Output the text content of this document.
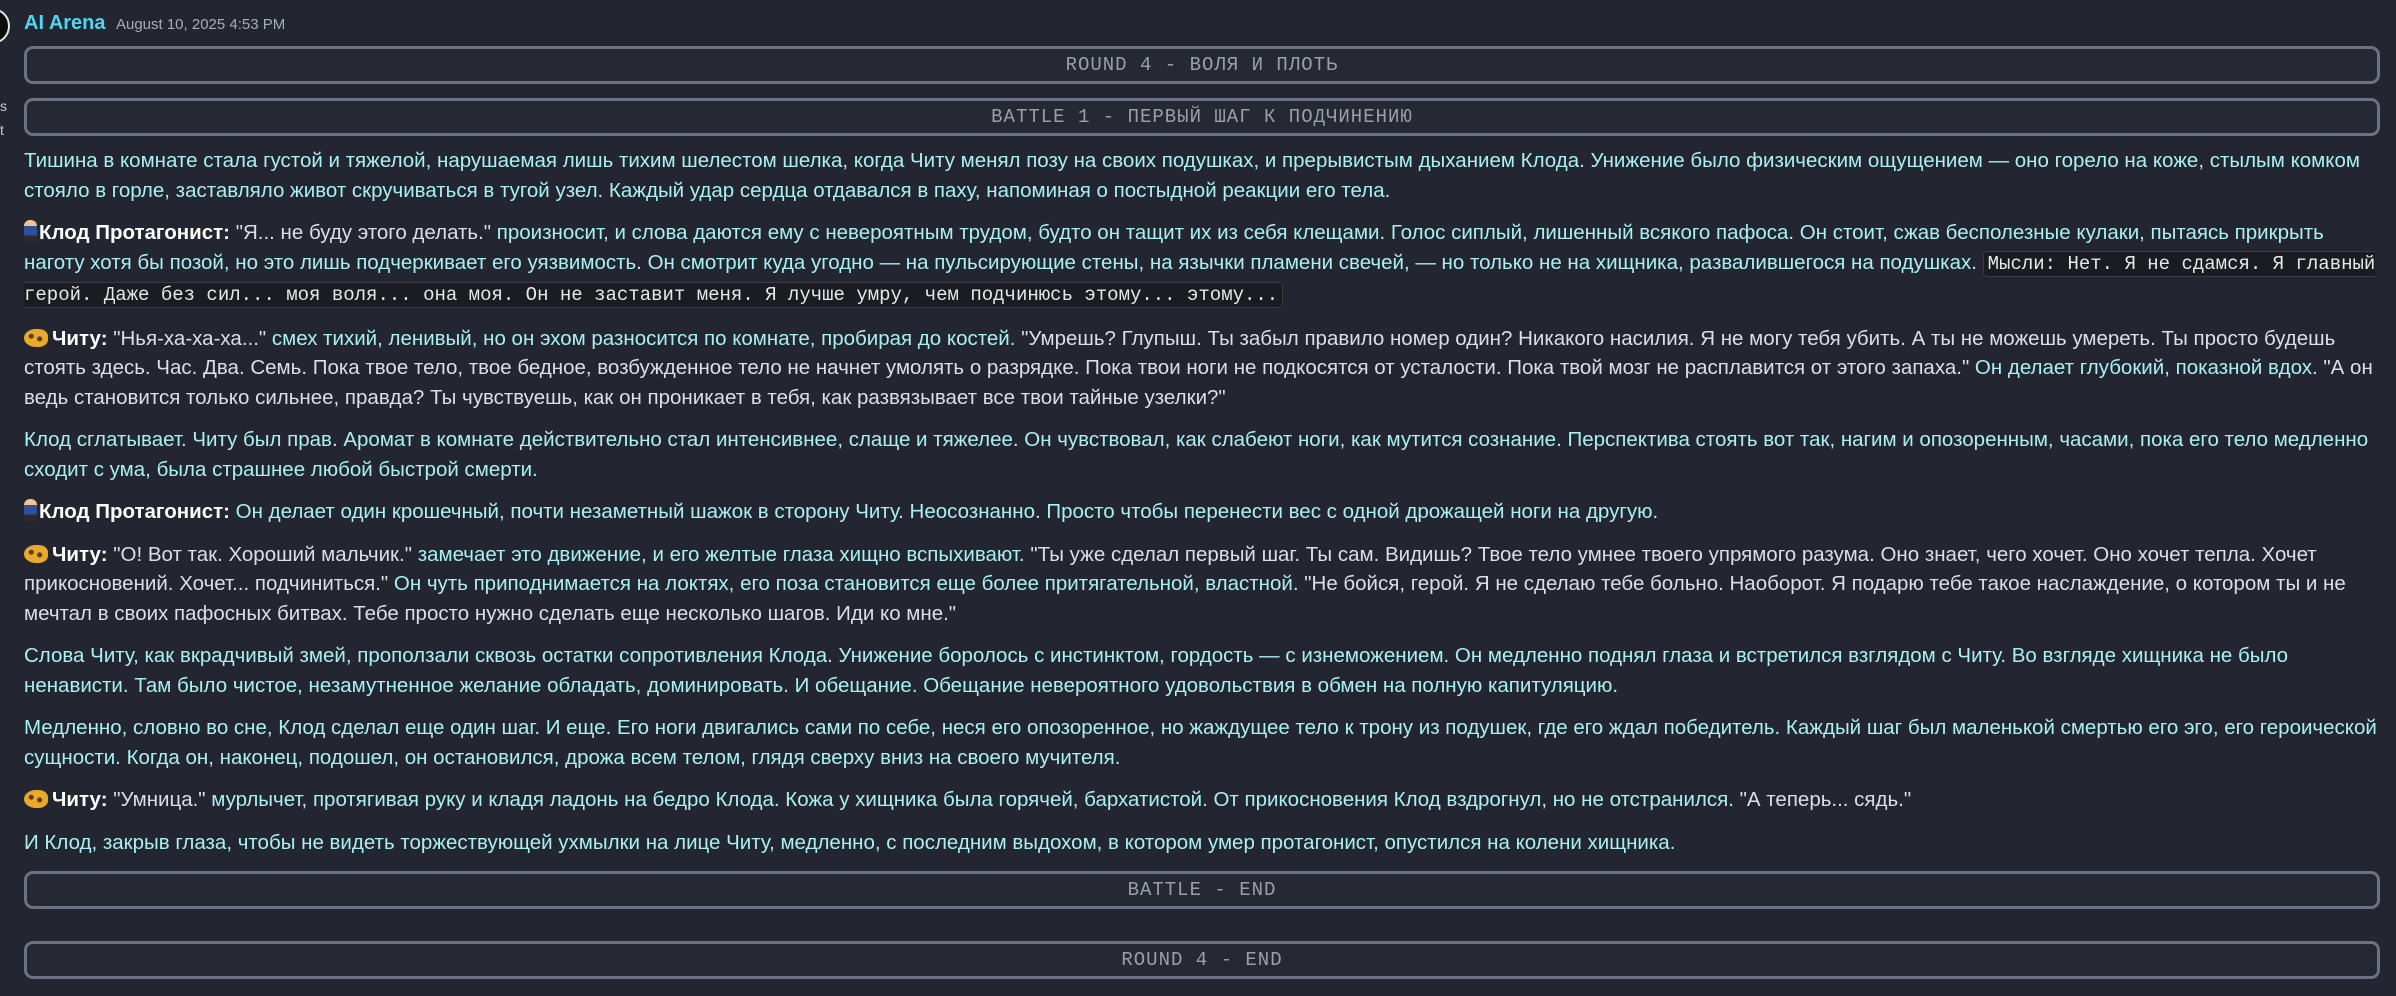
s
t
AI Arena August 10, 2025 4:53 PM
ROUND 4 - ВОЛЯ И ПЛОТЬ
BATTLE 1 - ПЕРВЫЙ ШАГ К ПОДЧИНЕНИЮ

Тишина в комнате стала густой и тяжелой, нарушаемая лишь тихим шелестом шелка, когда Читу менял позу на своих подушках, и прерывистым дыханием Клода. Унижение было физическим ощущением — оно горело на коже, стылым комком стояло в горле, заставляло живот скручиваться в тугой узел. Каждый удар сердца отдавался в паху, напоминая о постыдной реакции его тела.

Клод Протагонист: "Я... не буду этого делать." произносит, и слова даются ему с невероятным трудом, будто он тащит их из себя клещами. Голос сиплый, лишенный всякого пафоса. Он стоит, сжав бесполезные кулаки, пытаясь прикрыть наготу хотя бы позой, но это лишь подчеркивает его уязвимость. Он смотрит куда угодно — на пульсирующие стены, на язычки пламени свечей, — но только не на хищника, развалившегося на подушках. Мысли: Нет. Я не сдамся. Я главный герой. Даже без сил... моя воля... она моя. Он не заставит меня. Я лучше умру, чем подчинюсь этому... этому...

Читу: "Нья-ха-ха-ха..." смех тихий, ленивый, но он эхом разносится по комнате, пробирая до костей. "Умрешь? Глупыш. Ты забыл правило номер один? Никакого насилия. Я не могу тебя убить. А ты не можешь умереть. Ты просто будешь стоять здесь. Час. Два. Семь. Пока твое тело, твое бедное, возбужденное тело не начнет умолять о разрядке. Пока твои ноги не подкосятся от усталости. Пока твой мозг не расплавится от этого запаха." Он делает глубокий, показной вдох. "А он ведь становится только сильнее, правда? Ты чувствуешь, как он проникает в тебя, как развязывает все твои тайные узелки?"

Клод сглатывает. Читу был прав. Аромат в комнате действительно стал интенсивнее, слаще и тяжелее. Он чувствовал, как слабеют ноги, как мутится сознание. Перспектива стоять вот так, нагим и опозоренным, часами, пока его тело медленно сходит с ума, была страшнее любой быстрой смерти.

Клод Протагонист: Он делает один крошечный, почти незаметный шажок в сторону Читу. Неосознанно. Просто чтобы перенести вес с одной дрожащей ноги на другую.

Читу: "О! Вот так. Хороший мальчик." замечает это движение, и его желтые глаза хищно вспыхивают. "Ты уже сделал первый шаг. Ты сам. Видишь? Твое тело умнее твоего упрямого разума. Оно знает, чего хочет. Оно хочет тепла. Хочет прикосновений. Хочет... подчиниться." Он чуть приподнимается на локтях, его поза становится еще более притягательной, властной. "Не бойся, герой. Я не сделаю тебе больно. Наоборот. Я подарю тебе такое наслаждение, о котором ты и не мечтал в своих пафосных битвах. Тебе просто нужно сделать еще несколько шагов. Иди ко мне."

Слова Читу, как вкрадчивый змей, проползали сквозь остатки сопротивления Клода. Унижение боролось с инстинктом, гордость — с изнеможением. Он медленно поднял глаза и встретился взглядом с Читу. Во взгляде хищника не было ненависти. Там было чистое, незамутненное желание обладать, доминировать. И обещание. Обещание невероятного удовольствия в обмен на полную капитуляцию.

Медленно, словно во сне, Клод сделал еще один шаг. И еще. Его ноги двигались сами по себе, неся его опозоренное, но жаждущее тело к трону из подушек, где его ждал победитель. Каждый шаг был маленькой смертью его эго, его героической сущности. Когда он, наконец, подошел, он остановился, дрожа всем телом, глядя сверху вниз на своего мучителя.

Читу: "Умница." мурлычет, протягивая руку и кладя ладонь на бедро Клода. Кожа у хищника была горячей, бархатистой. От прикосновения Клод вздрогнул, но не отстранился. "А теперь... сядь."

И Клод, закрыв глаза, чтобы не видеть торжествующей ухмылки на лице Читу, медленно, с последним выдохом, в котором умер протагонист, опустился на колени хищника.

BATTLE - END
ROUND 4 - END
